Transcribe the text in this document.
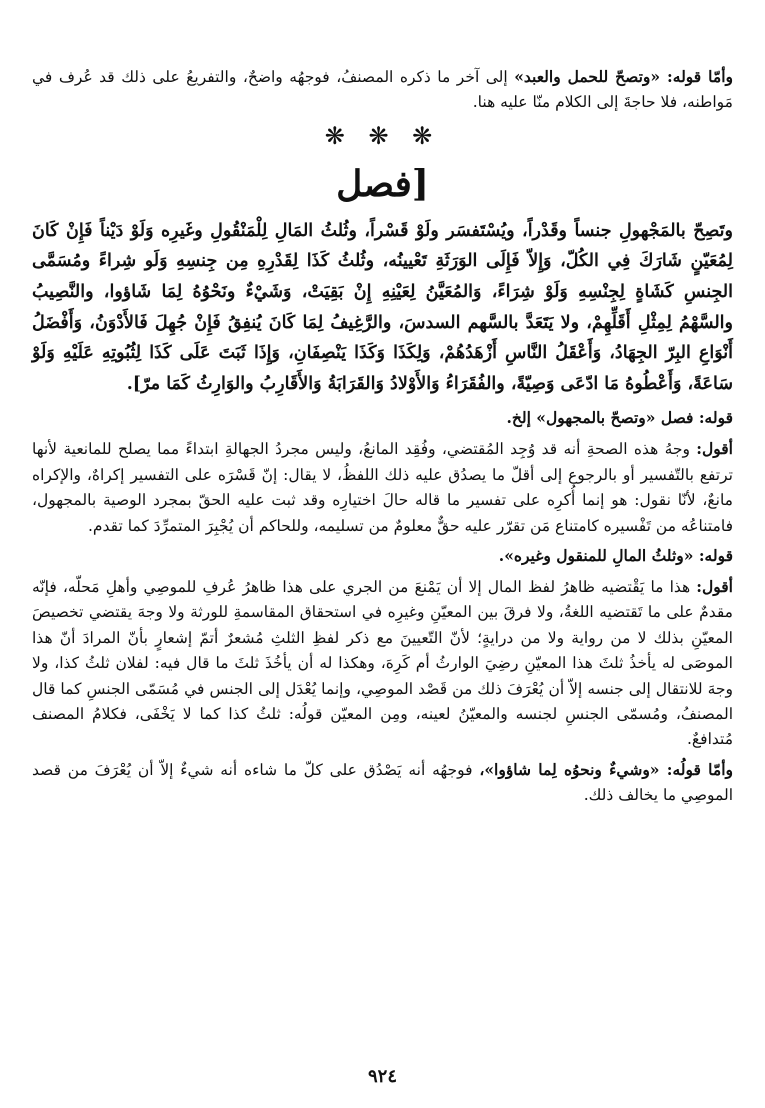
وأمّا قوله: «وتصحّ للحمل والعبد» إلى آخر ما ذكره المصنفُ، فوجهُه واضحٌ، والتفريعُ على ذلك قد عُرف في مَواطنه، فلا حاجةَ إلى الكلام منّا عليه هنا.

❋ ❋ ❋
[فصل

وتَصِحّ بالمَجْهولِ جنساً وقَدْراً، ويُسْتَفسَر ولَوْ قَسْراً، وثُلثُ المَالِ لِلْمَنْقُولِ وغَيرِه وَلَوْ دَيْناً فَإِنْ كَانَ لِمُعَيّنٍ شَارَكَ فِي الكُلّ، وَإِلاّ فَإِلَى الوَرَثَةِ تَعْيينُه، وثُلثُ كَذَا لِقَدْرِهِ مِن جِنسِهِ وَلَو شِراءً ومُسَمَّى الجِنسِ كَشَاةٍ لِجِنْسِهِ وَلَوْ شِرَاءً، وَالمُعَيَّنُ لِعَيْنِهِ إِنْ بَقِيَتْ، وَشَيْءٌ ونَحْوُهُ لِمَا شَاؤوا، والنَّصِيبُ والسَّهْمُ لِمِثْلِ أَقَلِّهِمْ، ولا يَتَعَدَّ بالسَّهم السدسَ، والرَّغِيفُ لِمَا كَانَ يُنفِقُ فَإِنْ جُهِلَ فَالأَدْوَنُ، وَأَفْضَلُ أَنْوَاعِ البِرّ الجِهَادُ، وَأَعْقَلُ النَّاسِ أَزْهَدُهُمْ، وَلِكَذَا وَكَذَا يَنْصِفَانِ، وَإِذَا ثَبَتَ عَلَى كَذَا لِثُبُوتِهِ عَلَيْهِ وَلَوْ سَاعَةً، وَأَعْطُوهُ مَا ادّعَى وَصِيّةً، والفُقَرَاءُ وَالأَوْلادُ وَالقَرَابَةُ وَالأَقَارِبُ والوَارِثُ كَمَا مرّ].

قوله: فصل «وتصحّ بالمجهول» إلخ.

أقول: وجهُ هذه الصحةِ أنه قد وُجِد المُقتضي، وفُقِد المانعُ، وليس مجردُ الجهالةِ ابتداءً مما يصلح للمانعية لأنها ترتفع بالتّفسير أو بالرجوع إلى أقلّ ما يصدُق عليه ذلك اللفظُ، لا يقال: إنّ قَسْرَه على التفسير إكراهٌ، والإكراه مانعٌ، لأنّا نقول: هو إنما أُكرِه على تفسير ما قاله حالَ اختيارِه وقد ثبت عليه الحقّ بمجرد الوصية بالمجهول، فامتناعُه من تَفْسيره كامتناع مَن تقرّر عليه حقٌّ معلومٌ من تسليمه، وللحاكم أن يُجْبِرَ المتمرِّدَ كما تقدم.

قوله: «وثلثُ المالِ للمنقول وغيره».

أقول: هذا ما يَقْتضيه ظاهرُ لفظ المال إلا أن يَمْنعَ من الجري على هذا ظاهرُ عُرفِ للموصِي وأهلِ مَحلّه، فإنّه مقدمٌ على ما تَقتضيه اللغةُ، ولا فرقَ بين المعيّنِ وغيرِه في استحقاق المقاسمةِ للورثة ولا وجهَ يقتضي تخصيصَ المعيّنِ بذلك لا من رواية ولا من درايةٍ؛ لأنّ التّعيينَ مع ذكر لفظِ الثلثِ مُشعرٌ أتمّ إشعارٍ بأنّ المرادَ أنّ هذا الموصَى له يأخذُ ثلثَ هذا المعيّنِ رضِيَ الوارثُ أم كَرِهَ، وهكذا له أن يأخُذَ ثلثَ ما قال فيه: لفلان ثلثُ كذا، ولا وجهَ للانتقال إلى جنسه إلاّ أن يُعْرَفَ ذلك من قَصْد الموصِي، وإنما يُعْدَل إلى الجنس في مُسَمّى الجنسِ كما قال المصنفُ، ومُسمّى الجنسِ لجنسه والمعيّنُ لعينه، ومِن المعيّن قولُه: ثلثُ كذا كما لا يَخْفَى، فكلامُ المصنف مُتدافعٌ.

وأمّا قولُه: «وشيءٌ ونحوُه لِما شاؤوا»، فوجهُه أنه يَصْدُق على كلّ ما شاءه أنه شيءٌ إلاّ أن يُعْرَفَ من قصد الموصِي ما يخالف ذلك.

٩٢٤
